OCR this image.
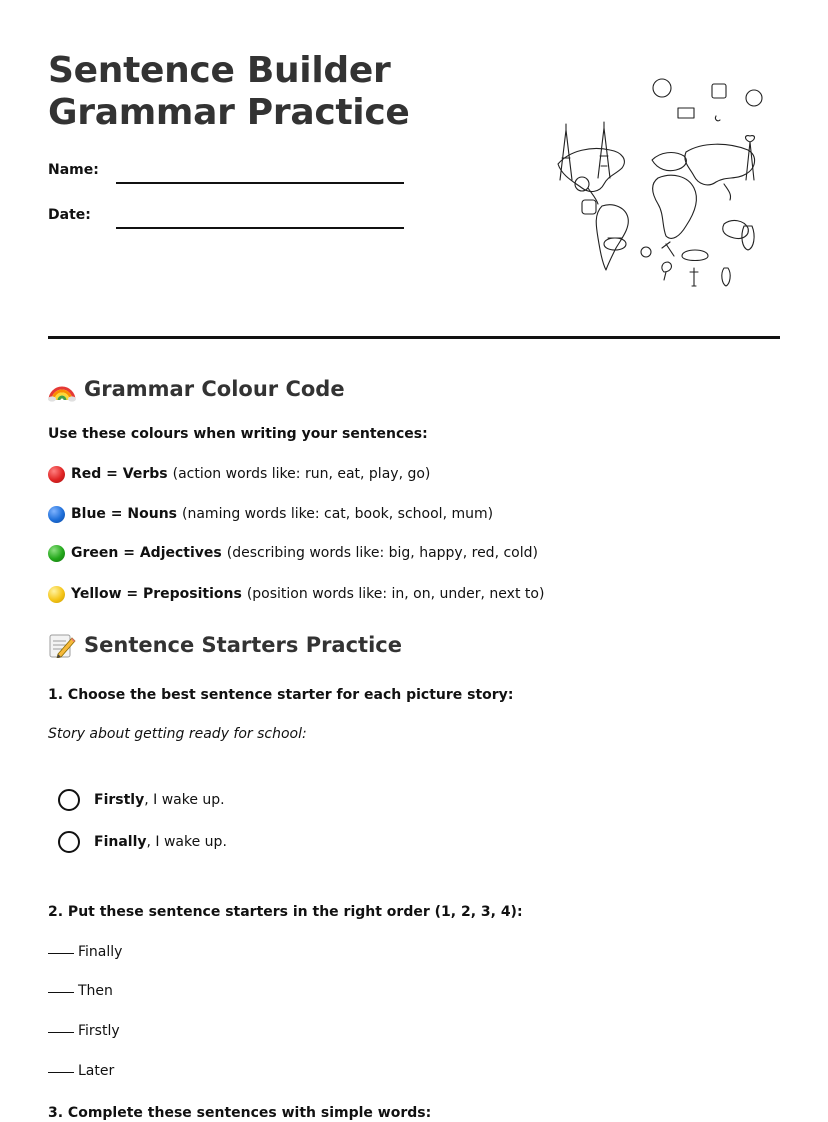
Sentence Builder
Grammar Practice
Name:
Date:
Grammar Colour Code
Use these colours when writing your sentences:
Red = Verbs (action words like: run, eat, play, go)
Blue = Nouns (naming words like: cat, book, school, mum)
Green = Adjectives (describing words like: big, happy, red, cold)
Yellow = Prepositions (position words like: in, on, under, next to)
Sentence Starters Practice
1. Choose the best sentence starter for each picture story:
Story about getting ready for school:
Firstly, I wake up.
Finally, I wake up.
2. Put these sentence starters in the right order (1, 2, 3, 4):
Finally
Then
Firstly
Later
3. Complete these sentences with simple words:
